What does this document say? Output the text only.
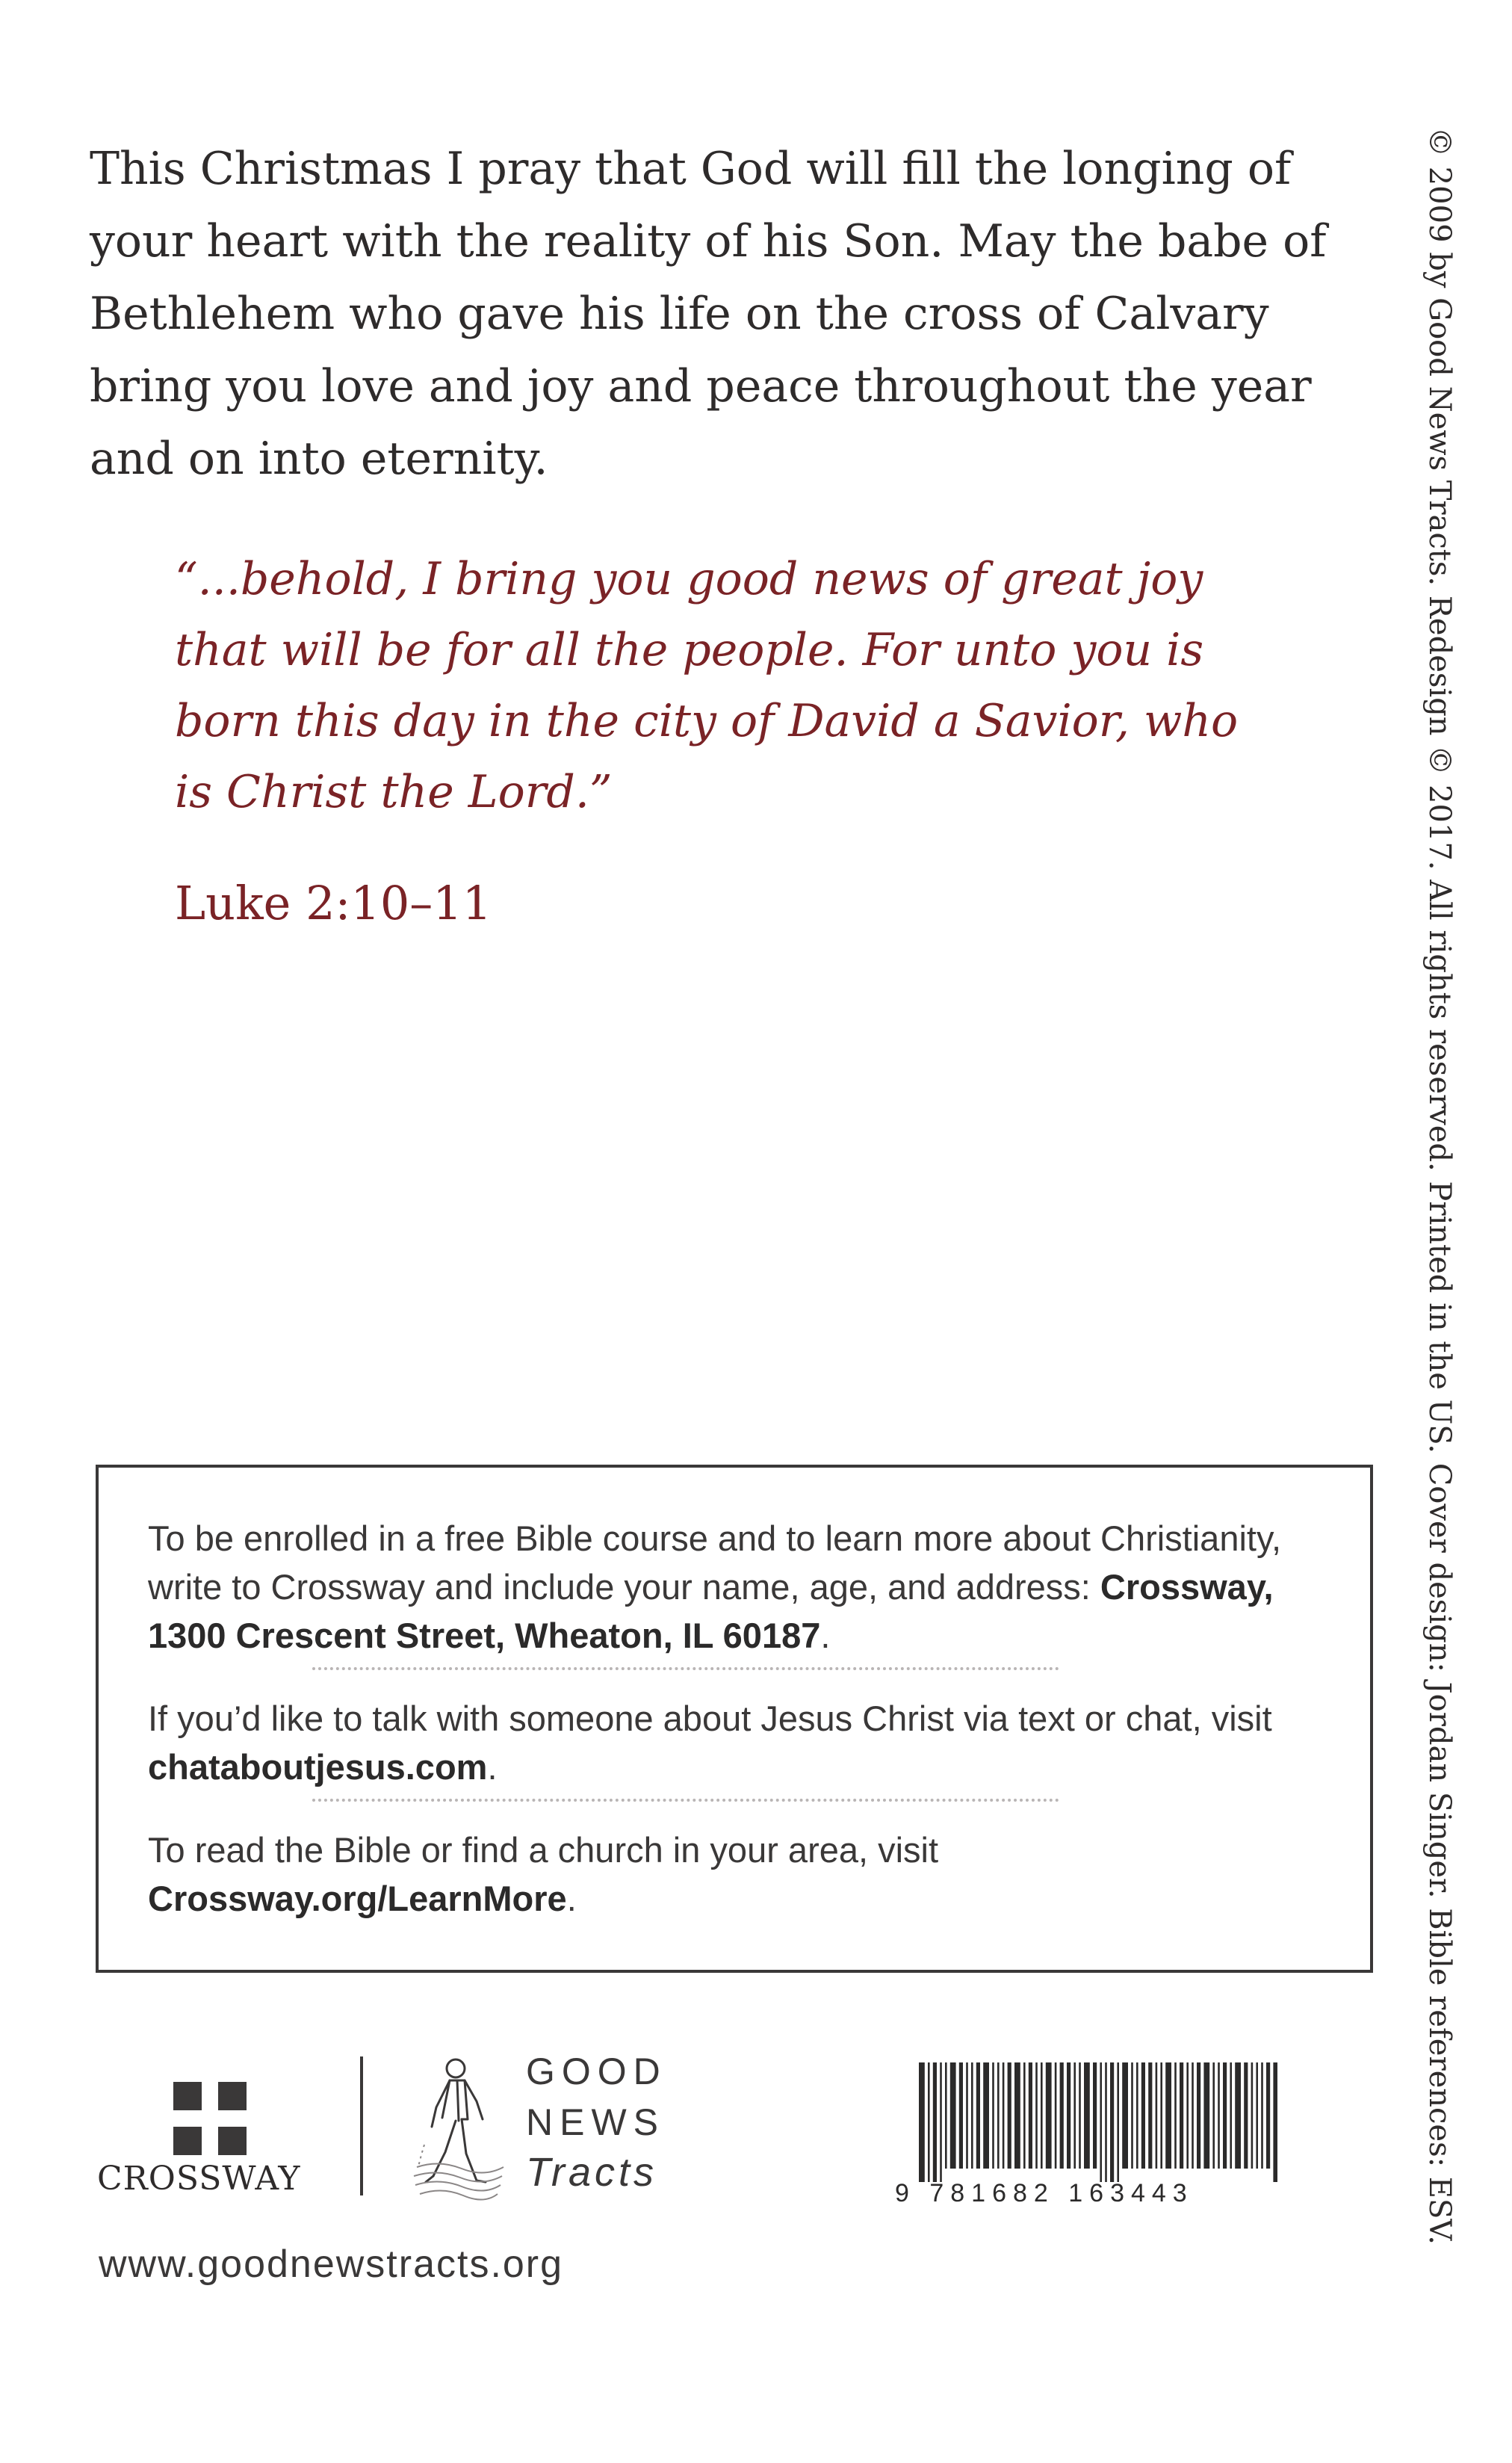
This Christmas I pray that God will fill the longing of your heart with the reality of his Son. May the babe of Bethlehem who gave his life on the cross of Calvary bring you love and joy and peace throughout the year and on into eternity.

“...behold, I bring you good news of great joy that will be for all the people. For unto you is born this day in the city of David a Savior, who is Christ the Lord.”

Luke 2:10–11	© 2009 by Good News Tracts. Redesign © 2017. All rights reserved. Printed in the US. Cover design: Jordan Singer. Bible references: ESV.

To be enrolled in a free Bible course and to learn more about Christianity, write to Crossway and include your name, age, and address: Crossway, 1300 Crescent Street, Wheaton, IL 60187.

If you’d like to talk with someone about Jesus Christ via text or chat, visit chataboutjesus.com.

To read the Bible or find a church in your area, visit Crossway.org/LearnMore.

CROSSWAY
GOOD
NEWS
Tracts	9 781682 163443
www.goodnewstracts.org
